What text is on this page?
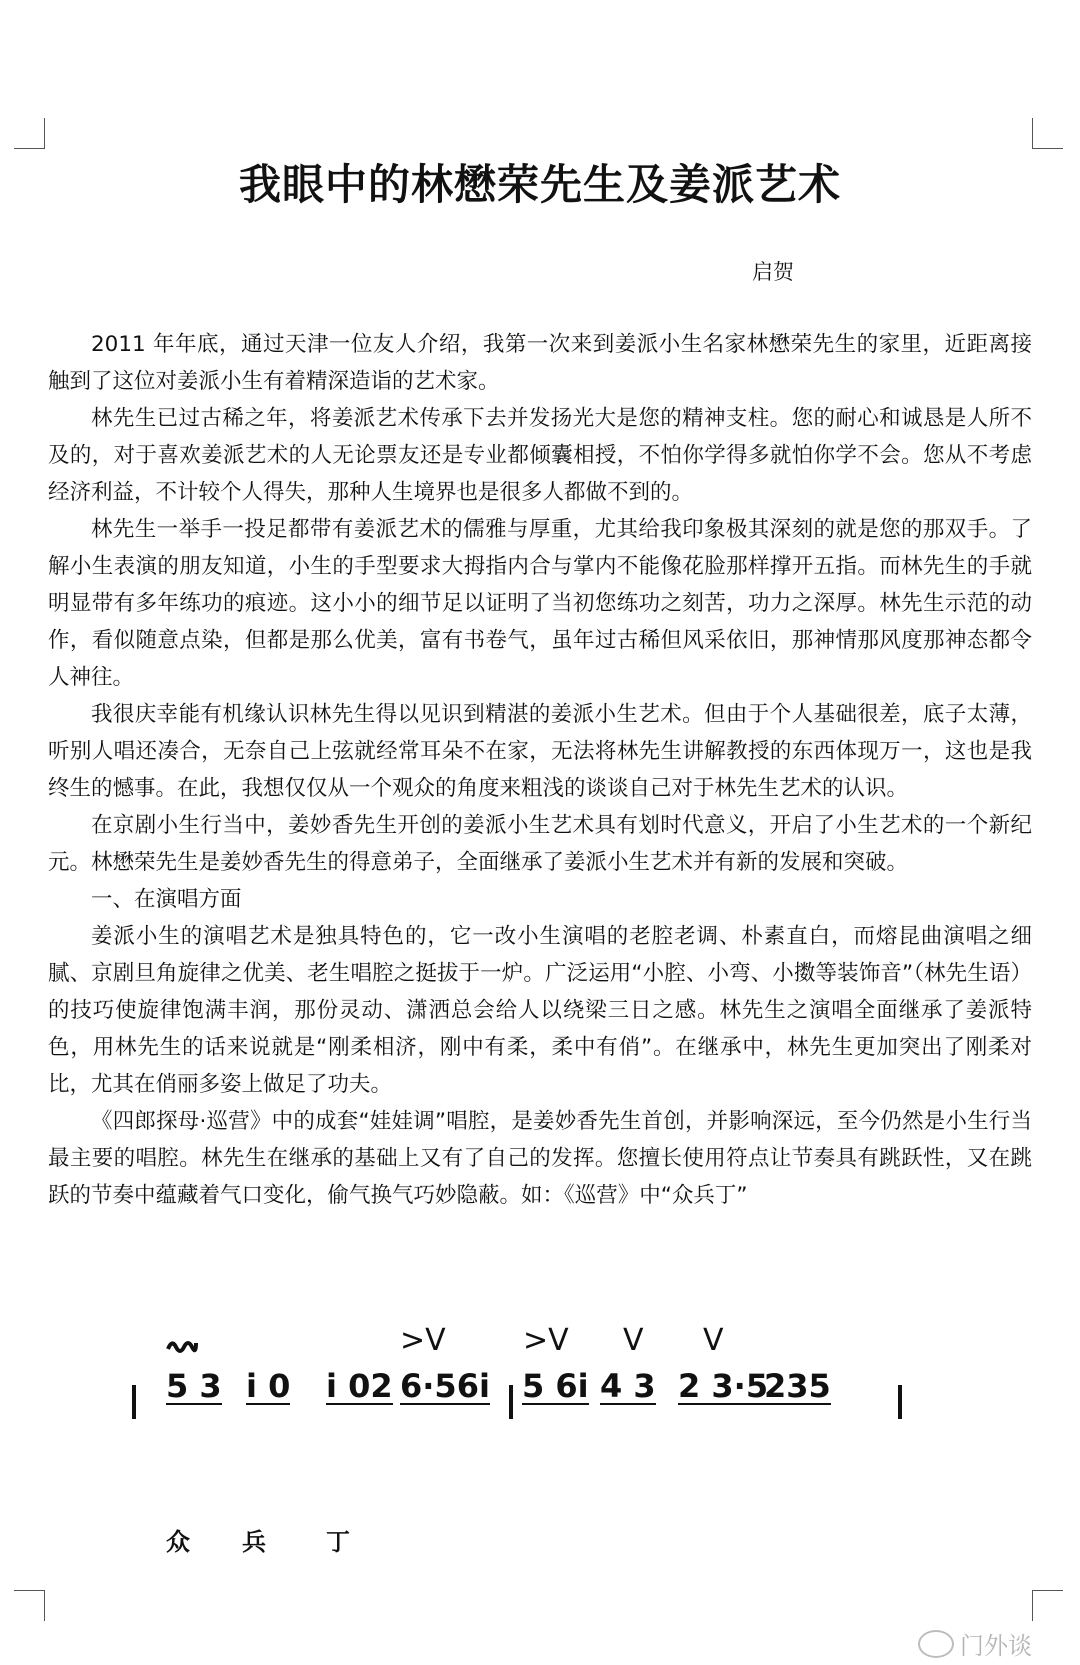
我眼中的林懋荣先生及姜派艺术
启贺

2011 年年底，通过天津一位友人介绍，我第一次来到姜派小生名家林懋荣先生的家里，近距离接触到了这位对姜派小生有着精深造诣的艺术家。

林先生已过古稀之年，将姜派艺术传承下去并发扬光大是您的精神支柱。您的耐心和诚恳是人所不及的，对于喜欢姜派艺术的人无论票友还是专业都倾囊相授，不怕你学得多就怕你学不会。您从不考虑经济利益，不计较个人得失，那种人生境界也是很多人都做不到的。

林先生一举手一投足都带有姜派艺术的儒雅与厚重，尤其给我印象极其深刻的就是您的那双手。了解小生表演的朋友知道，小生的手型要求大拇指内合与掌内不能像花脸那样撑开五指。而林先生的手就明显带有多年练功的痕迹。这小小的细节足以证明了当初您练功之刻苦，功力之深厚。林先生示范的动作，看似随意点染，但都是那么优美，富有书卷气，虽年过古稀但风采依旧，那神情那风度那神态都令人神往。

我很庆幸能有机缘认识林先生得以见识到精湛的姜派小生艺术。但由于个人基础很差，底子太薄，听别人唱还凑合，无奈自己上弦就经常耳朵不在家，无法将林先生讲解教授的东西体现万一，这也是我终生的憾事。在此，我想仅仅从一个观众的角度来粗浅的谈谈自己对于林先生艺术的认识。

在京剧小生行当中，姜妙香先生开创的姜派小生艺术具有划时代意义，开启了小生艺术的一个新纪元。林懋荣先生是姜妙香先生的得意弟子，全面继承了姜派小生艺术并有新的发展和突破。

一、在演唱方面

姜派小生的演唱艺术是独具特色的，它一改小生演唱的老腔老调、朴素直白，而熔昆曲演唱之细腻、京剧旦角旋律之优美、老生唱腔之挺拔于一炉。广泛运用“小腔、小弯、小擞等装饰音”（林先生语）的技巧使旋律饱满丰润，那份灵动、潇洒总会给人以绕梁三日之感。林先生之演唱全面继承了姜派特色，用林先生的话来说就是“刚柔相济，刚中有柔，柔中有俏”。在继承中，林先生更加突出了刚柔对比，尤其在俏丽多姿上做足了功夫。

《四郎探母·巡营》中的成套“娃娃调”唱腔，是姜妙香先生首创，并影响深远，至今仍然是小生行当最主要的唱腔。林先生在继承的基础上又有了自己的发挥。您擅长使用符点让节奏具有跳跃性，又在跳跃的节奏中蕴藏着气口变化，偷气换气巧妙隐蔽。如：《巡营》中“众兵丁”

>V	>V V V
5 3 i 0 i 02 6·56i 5 6i 4 3 2 3·5
235
众 兵	丁
门外谈
